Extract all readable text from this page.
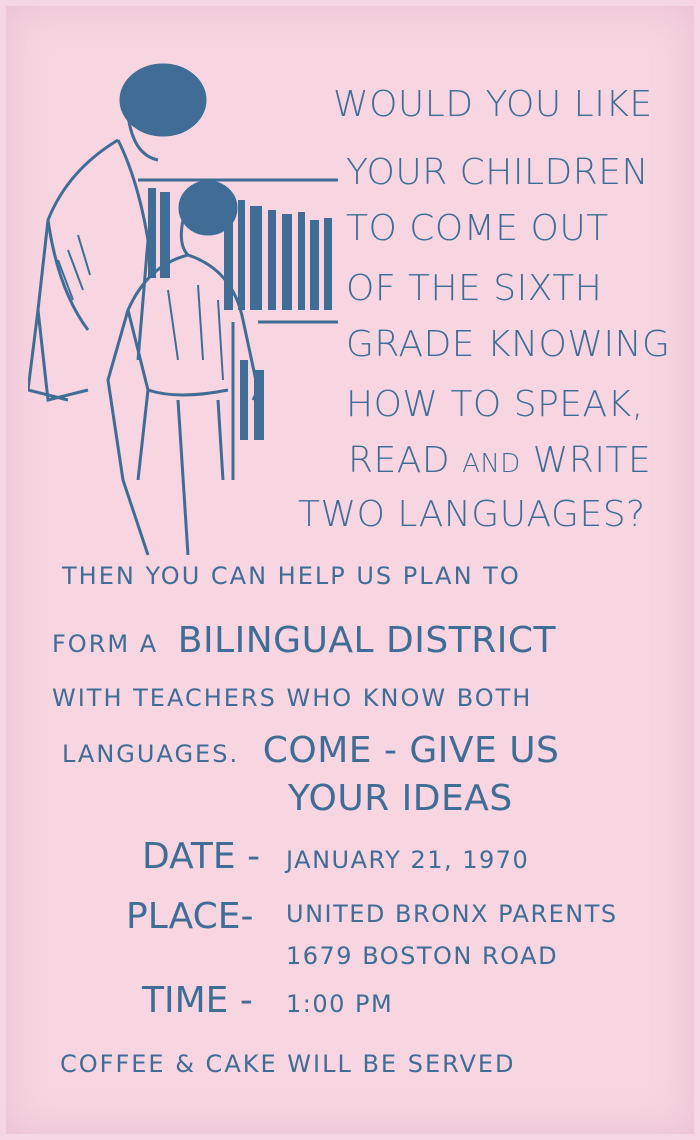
WOULD YOU LIKE

YOUR CHILDREN

TO COME OUT

OF THE SIXTH

GRADE KNOWING

HOW TO SPEAK,

READ AND WRITE

TWO LANGUAGES?

THEN YOU CAN HELP US PLAN TO

FORM A BILINGUAL DISTRICT

WITH TEACHERS WHO KNOW BOTH

LANGUAGES. COME - GIVE US

YOUR IDEAS

DATE - JANUARY 21, 1970

PLACE- UNITED BRONX PARENTS

1679 BOSTON ROAD

TIME - 1:00 PM

COFFEE & CAKE WILL BE SERVED
